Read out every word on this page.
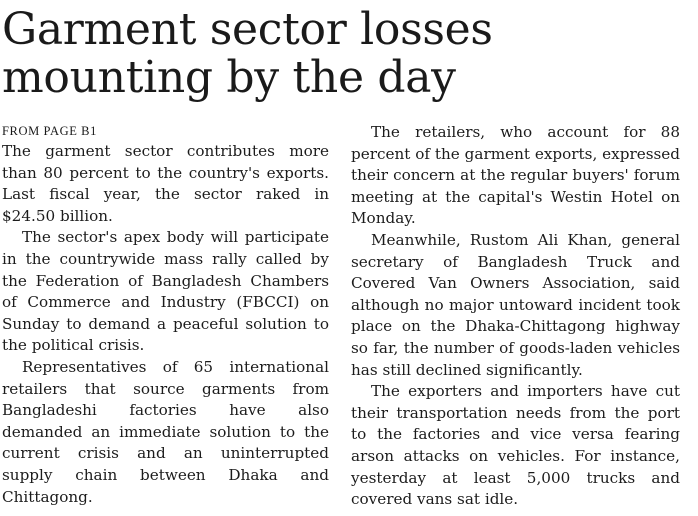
Garment sector losses mounting by the day
FROM PAGE B1

The garment sector contributes more than 80 percent to the country's exports. Last fiscal year, the sector raked in $24.50 billion.

The sector's apex body will participate in the countrywide mass rally called by the Federation of Bangladesh Chambers of Commerce and Industry (FBCCI) on Sunday to demand a peaceful solution to the political crisis.

Representatives of 65 international retailers that source garments from Bangladeshi factories have also demanded an immediate solution to the current crisis and an uninterrupted supply chain between Dhaka and Chittagong.

The retailers, who account for 88 percent of the garment exports, expressed their concern at the regular buyers' forum meeting at the capital's Westin Hotel on Monday.

Meanwhile, Rustom Ali Khan, general secretary of Bangladesh Truck and Covered Van Owners Association, said although no major untoward incident took place on the Dhaka-Chittagong highway so far, the number of goods-laden vehicles has still declined significantly.

The exporters and importers have cut their transportation needs from the port to the factories and vice versa fearing arson attacks on vehicles. For instance, yesterday at least 5,000 trucks and covered vans sat idle.
